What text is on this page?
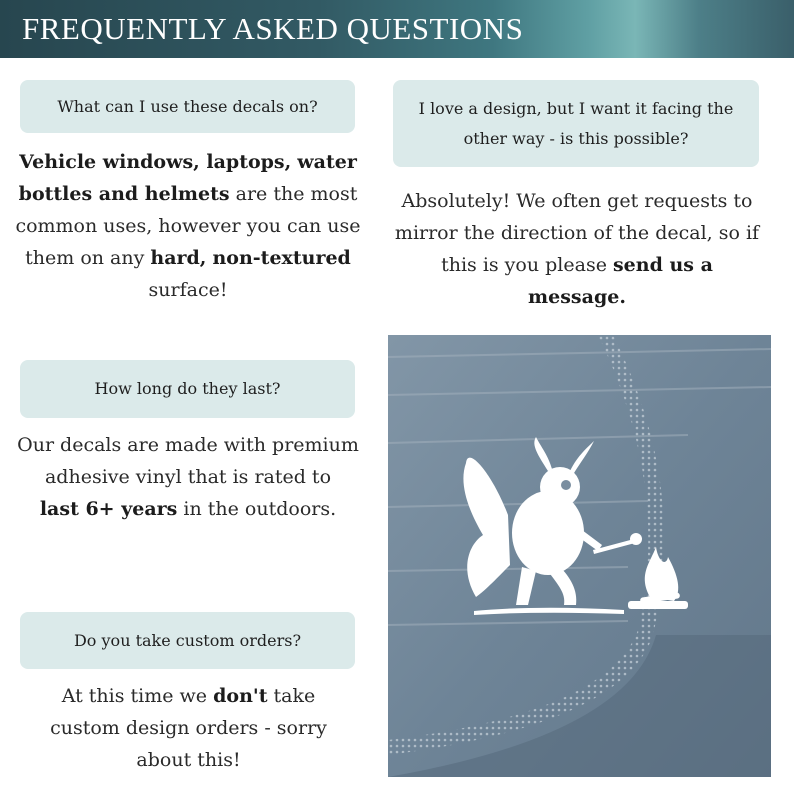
FREQUENTLY ASKED QUESTIONS
What can I use these decals on?
Vehicle windows, laptops, water bottles and helmets are the most common uses, however you can use them on any hard, non-textured surface!
I love a design, but I want it facing the other way - is this possible?
Absolutely! We often get requests to mirror the direction of the decal, so if this is you please send us a message.
How long do they last?
Our decals are made with premium adhesive vinyl that is rated to
last 6+ years in the outdoors.
Do you take custom orders?
At this time we don't take custom design orders - sorry about this!
